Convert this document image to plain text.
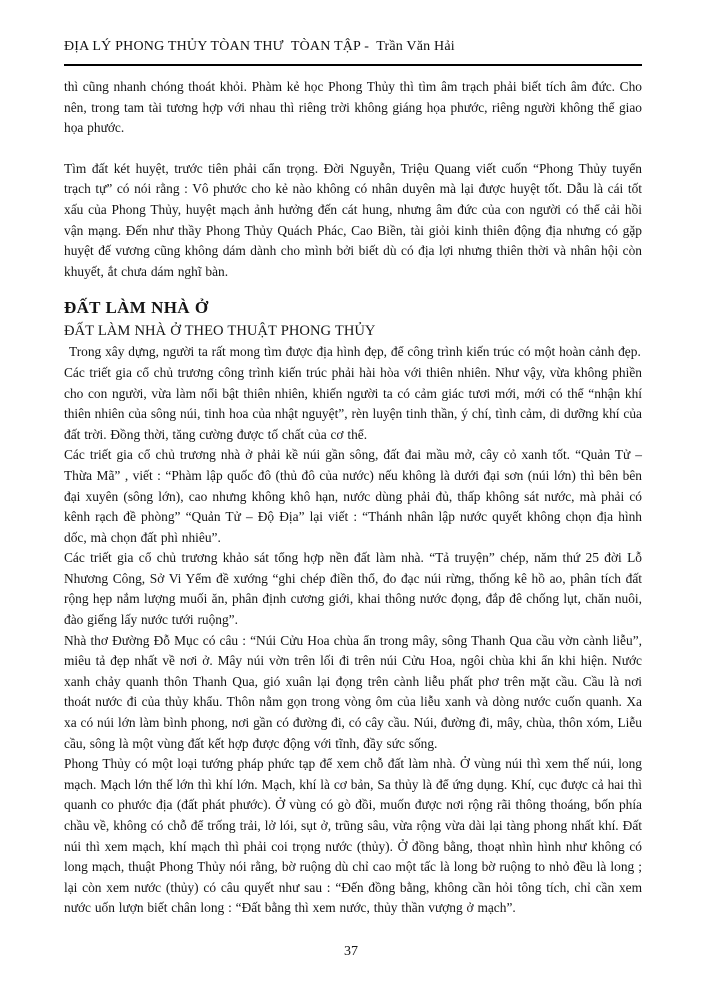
ĐỊA LÝ PHONG THỦY TÒAN THƯ  TÒAN TẬP -  Trần Văn Hải

thì cũng nhanh chóng thoát khỏi. Phàm kẻ học Phong Thủy thì tìm âm trạch phải biết tích âm đức. Cho nên, trong tam tài tương hợp với nhau thì riêng trời không giáng họa phước, riêng người không thể giao họa phước.

Tìm đất két huyệt, trước tiên phải cẩn trọng. Đời Nguyễn, Triệu Quang viết cuốn “Phong Thủy tuyển trạch tự” có nói rằng : Vô phước cho kẻ nào không có nhân duyên mà lại được huyệt tốt. Dẫu là cái tốt xấu của Phong Thủy, huyệt mạch ảnh hưởng đến cát hung, nhưng âm đức của con người có thể cải hồi vận mạng. Đến như thầy Phong Thủy Quách Phác, Cao Biền, tài giỏi kinh thiên động địa nhưng có gặp huyệt đế vương cũng không dám dành cho mình bởi biết dù có địa lợi nhưng thiên thời và nhân hội còn khuyết, ắt chưa dám nghĩ bàn.

ĐẤT LÀM NHÀ Ở
ĐẤT LÀM NHÀ Ở THEO THUẬT PHONG THỦY

Trong xây dựng, người ta rất mong tìm được địa hình đẹp, để công trình kiến trúc có một hoàn cảnh đẹp.

Các triết gia cổ chủ trương công trình kiến trúc phải hài hòa với thiên nhiên. Như vậy, vừa không phiền cho con người, vừa làm nổi bật thiên nhiên, khiến người ta có cảm giác tươi mới, mới có thể “nhận khí thiên nhiên của sông núi, tinh hoa của nhật nguyệt”, rèn luyện tinh thần, ý chí, tình cảm, di dưỡng khí của đất trời. Đồng thời, tăng cường được tố chất của cơ thể.

Các triết gia cổ chủ trương nhà ở phải kề núi gần sông, đất đai mầu mở, cây cỏ xanh tốt. “Quản Tử – Thừa Mã” , viết : “Phàm lập quốc đô (thủ đô của nước) nếu không là dưới đại sơn (núi lớn) thì bên bên đại xuyên (sông lớn), cao nhưng không khô hạn, nước dùng phải đủ, thấp không sát nước, mà phải có kênh rạch đề phòng” “Quản Tử – Độ Địa” lại viết : “Thánh nhân lập nước quyết không chọn địa hình dốc, mà chọn đất phì nhiêu”.

Các triết gia cổ chủ trương khảo sát tổng hợp nền đất làm nhà. “Tả truyện” chép, năm thứ 25 đời Lỗ Nhương Công, Sở Vi Yểm đề xướng “ghi chép điền thổ, đo đạc núi rừng, thống kê hồ ao, phân tích đất rộng hẹp nắm lượng muối ăn, phân định cương giới, khai thông nước đọng, đắp đê chống lụt, chăn nuôi, đào giếng lấy nước tưới ruộng”.

Nhà thơ Đường Đỗ Mục có câu : “Núi Cửu Hoa chùa ẩn trong mây, sông Thanh Qua cầu vờn cành liễu”, miêu tả đẹp nhất về nơi ở. Mây núi vờn trên lối đi trên núi Cửu Hoa, ngôi chùa khi ẩn khi hiện. Nước xanh chảy quanh thôn Thanh Qua, gió xuân lại đọng trên cành liễu phất phơ trên mặt cầu. Cầu là nơi thoát nước đi của thủy khẩu. Thôn nằm gọn trong vòng ôm của liễu xanh và dòng nước cuốn quanh. Xa xa có núi lớn làm bình phong, nơi gần có đường đi, có cây cầu. Núi, đường đi, mây, chùa, thôn xóm, Liễu cầu, sông là một vùng đất kết hợp được động với tĩnh, đầy sức sống.

Phong Thủy có một loại tướng pháp phức tạp để xem chỗ đất làm nhà. Ở vùng núi thì xem thế núi, long mạch. Mạch lớn thế lớn thì khí lớn. Mạch, khí là cơ bản, Sa thủy là để ứng dụng. Khí, cục được cả hai thì quanh co phước địa (đất phát phước). Ở vùng có gò đồi, muốn được nơi rộng rãi thông thoáng, bốn phía chầu về, không có chỗ để trống trải, lở lói, sụt ở, trũng sâu, vừa rộng vừa dài lại tàng phong nhất khí. Đất núi thì xem mạch, khí mạch thì phải coi trọng nước (thủy). Ở đồng bằng, thoạt nhìn hình như không có long mạch, thuật Phong Thủy nói rằng, bờ ruộng dù chỉ cao một tấc là long bờ ruộng to nhỏ đều là long ; lại còn xem nước (thủy) có câu quyết như sau : “Đến đồng bằng, không cần hỏi tông tích, chỉ cần xem nước uốn lượn biết chân long : “Đất bằng thì xem nước, thủy thần vượng ở mạch”.

37
